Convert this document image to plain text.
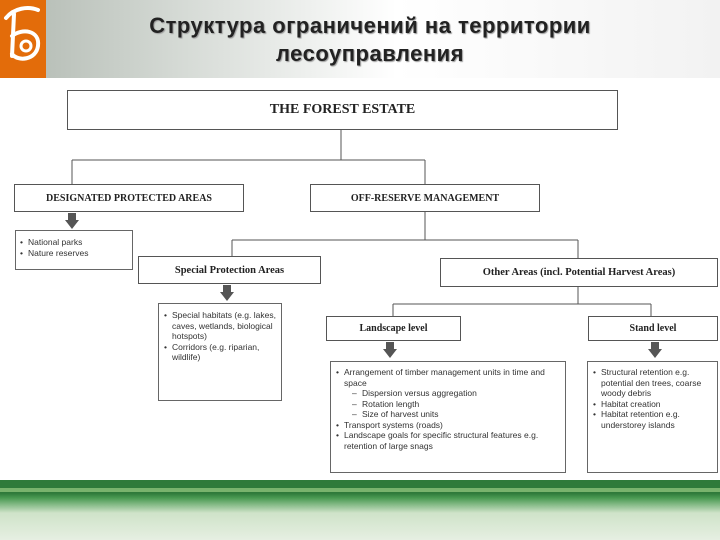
Структура ограничений на территории
лесоуправления
THE FOREST ESTATE
DESIGNATED PROTECTED AREAS	OFF-RESERVE MANAGEMENT
Special Protection Areas	Other Areas (incl. Potential Harvest Areas)
Landscape level	Stand level
• National parks
• Nature reserves
• Special habitats (e.g. lakes, caves, wetlands, biological hotspots)
• Corridors (e.g. riparian, wildlife)
• Arrangement of timber management units in time and space
– Dispersion versus aggregation
– Rotation length
– Size of harvest units
• Transport systems (roads)
• Landscape goals for specific structural features e.g. retention of large snags
• Structural retention e.g. potential den trees, coarse woody debris
• Habitat creation
• Habitat retention e.g. understorey islands
